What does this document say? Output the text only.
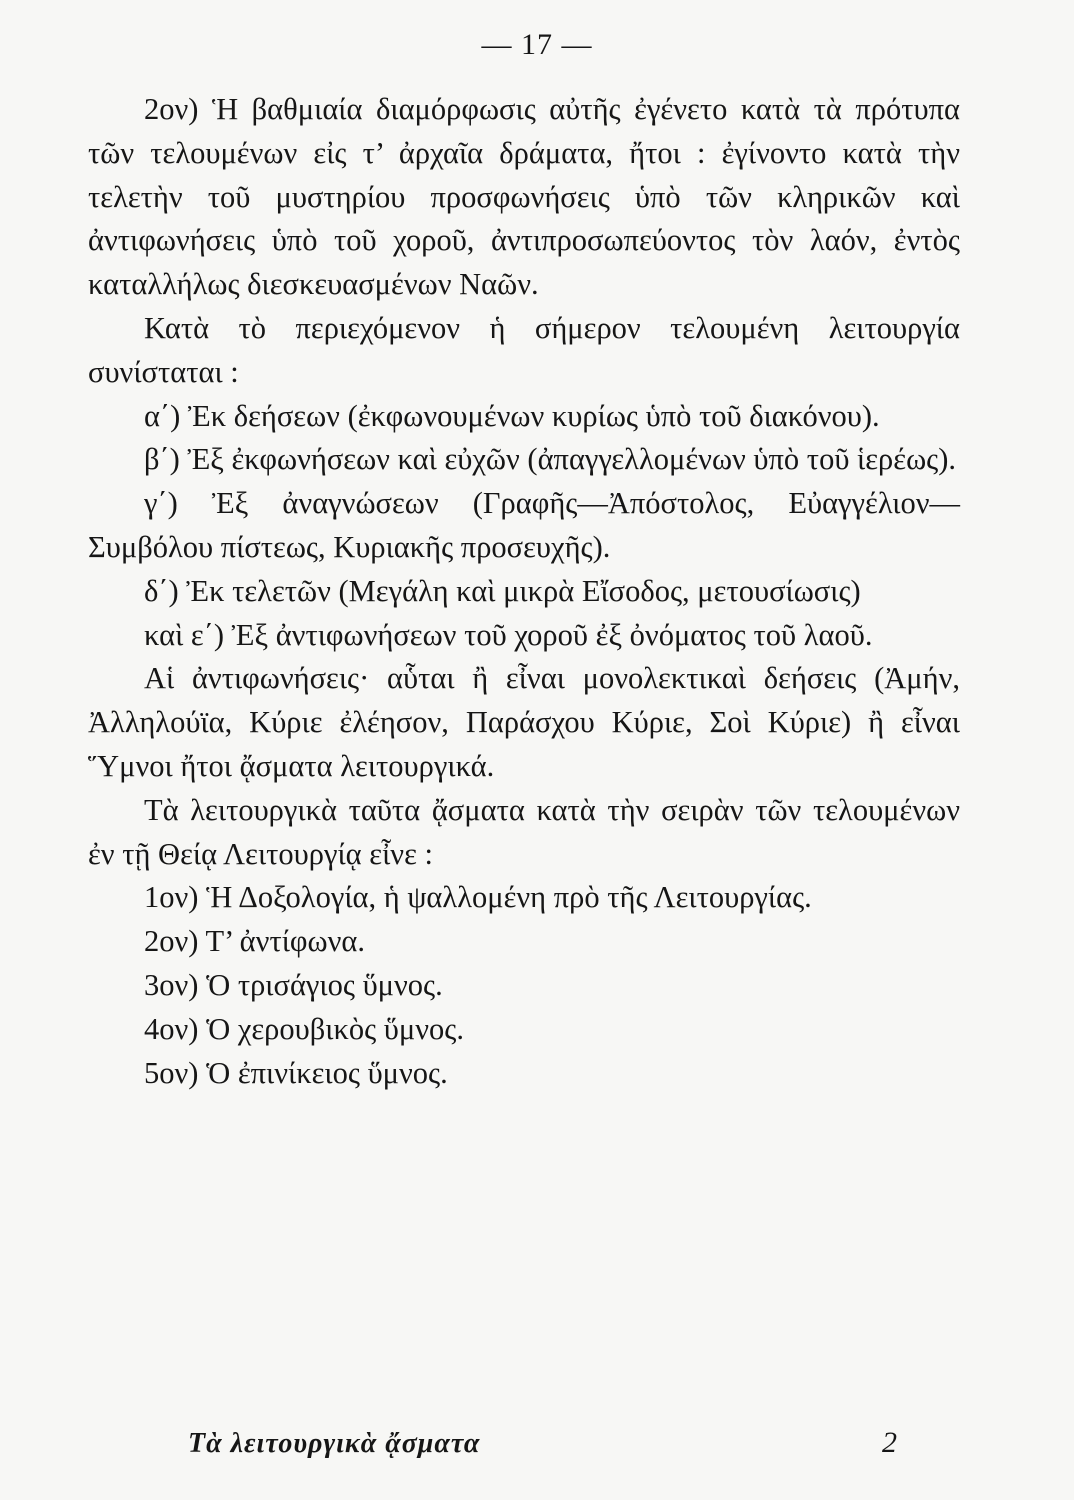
— 17 —

2ον) Ἡ βαθμιαία διαμόρφωσις αὐτῆς ἐγένετο κατὰ τὰ πρότυπα τῶν τελουμένων εἰς τ’ ἀρχαῖα δράματα, ἤτοι : ἐγίνοντο κατὰ τὴν τελετὴν τοῦ μυστηρίου προσφωνήσεις ὑπὸ τῶν κληρικῶν καὶ ἀντιφωνήσεις ὑπὸ τοῦ χοροῦ, ἀντιπροσωπεύοντος τὸν λαόν, ἐντὸς καταλλήλως διεσκευασμένων Ναῶν.

Κατὰ τὸ περιεχόμενον ἡ σήμερον τελουμένη λειτουργία συνίσταται :

α΄) Ἐκ δεήσεων (ἐκφωνουμένων κυρίως ὑπὸ τοῦ διακόνου).

β΄) Ἐξ ἐκφωνήσεων καὶ εὐχῶν (ἀπαγγελλομένων ὑπὸ τοῦ ἱερέως).

γ΄) Ἐξ ἀναγνώσεων (Γραφῆς—Ἀπόστολος, Εὐαγγέλιον—Συμβόλου πίστεως, Κυριακῆς προσευχῆς).

δ΄) Ἐκ τελετῶν (Μεγάλη καὶ μικρὰ Εἴσοδος, μετουσίωσις)

καὶ ε΄) Ἐξ ἀντιφωνήσεων τοῦ χοροῦ ἐξ ὀνόματος τοῦ λαοῦ.

Αἱ ἀντιφωνήσεις· αὗται ἢ εἶναι μονολεκτικαὶ δεήσεις (Ἀμήν, Ἀλληλούϊα, Κύριε ἐλέησον, Παράσχου Κύριε, Σοὶ Κύριε) ἢ εἶναι Ὕμνοι ἤτοι ᾄσματα λειτουργικά.

Τὰ λειτουργικὰ ταῦτα ᾄσματα κατὰ τὴν σειρὰν τῶν τελουμένων ἐν τῇ Θείᾳ Λειτουργίᾳ εἶνε :

1ον) Ἡ Δοξολογία, ἡ ψαλλομένη πρὸ τῆς Λειτουργίας.

2ον) Τ’ ἀντίφωνα.

3ον) Ὁ τρισάγιος ὕμνος.

4ον) Ὁ χερουβικὸς ὕμνος.

5ον) Ὁ ἐπινίκειος ὕμνος.

Τὰ λειτουργικὰ ᾄσματα	2
